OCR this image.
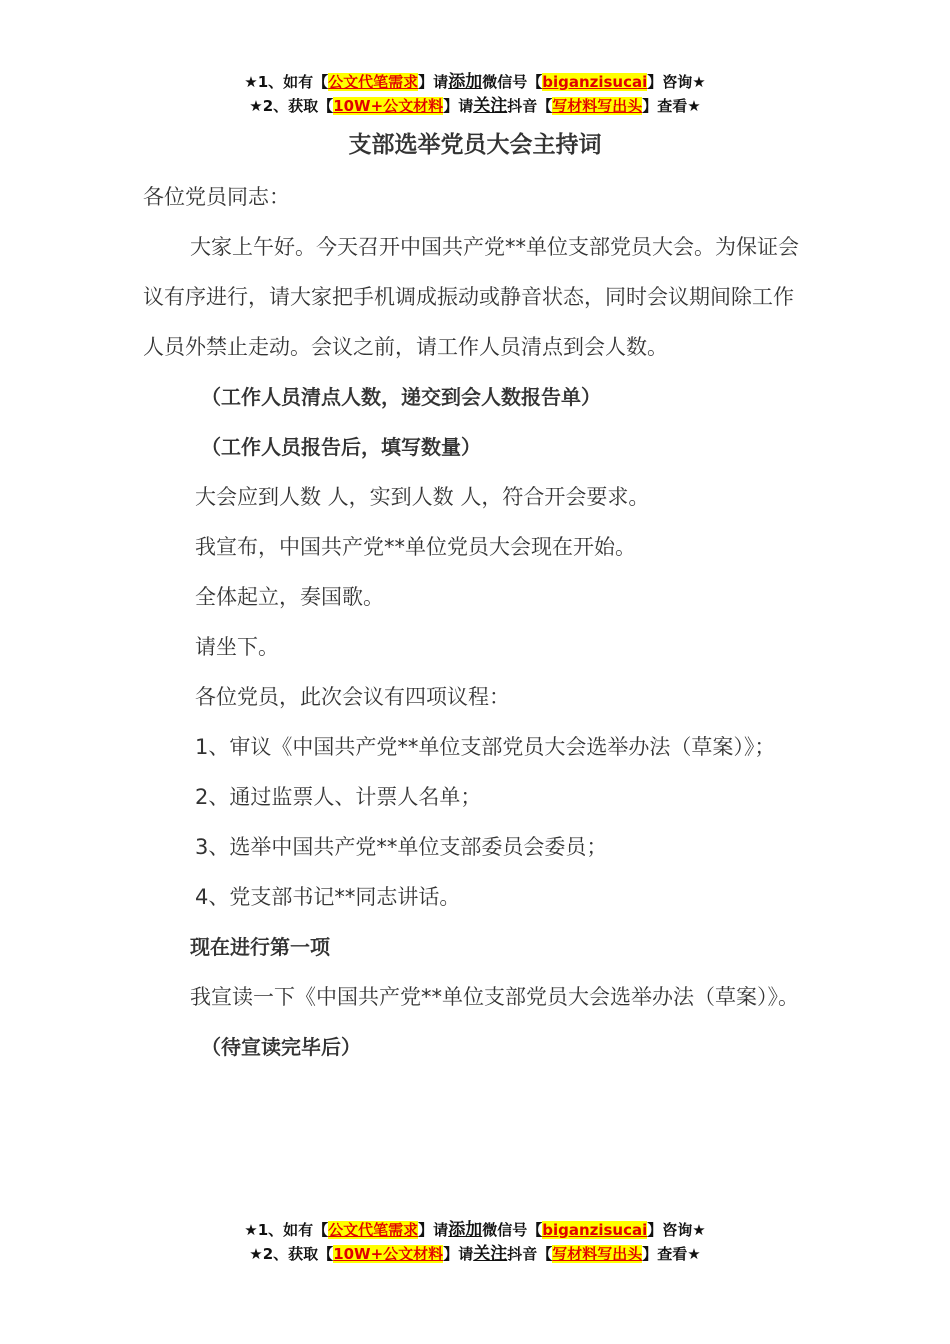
★1、如有【公文代笔需求】请添加微信号【biganzisucai】咨询★
★2、获取【10W+公文材料】请关注抖音【写材料写出头】查看★
支部选举党员大会主持词

各位党员同志：

大家上午好。今天召开中国共产党**单位支部党员大会。为保证会议有序进行，请大家把手机调成振动或静音状态，同时会议期间除工作人员外禁止走动。会议之前，请工作人员清点到会人数。

（工作人员清点人数，递交到会人数报告单）

（工作人员报告后，填写数量）

大会应到人数 人，实到人数 人，符合开会要求。

我宣布，中国共产党**单位党员大会现在开始。

全体起立，奏国歌。

请坐下。

各位党员，此次会议有四项议程：

1、审议《中国共产党**单位支部党员大会选举办法（草案）》；

2、通过监票人、计票人名单；

3、选举中国共产党**单位支部委员会委员；

4、党支部书记**同志讲话。

现在进行第一项

我宣读一下《中国共产党**单位支部党员大会选举办法（草案）》。

（待宣读完毕后）

★1、如有【公文代笔需求】请添加微信号【biganzisucai】咨询★
★2、获取【10W+公文材料】请关注抖音【写材料写出头】查看★
